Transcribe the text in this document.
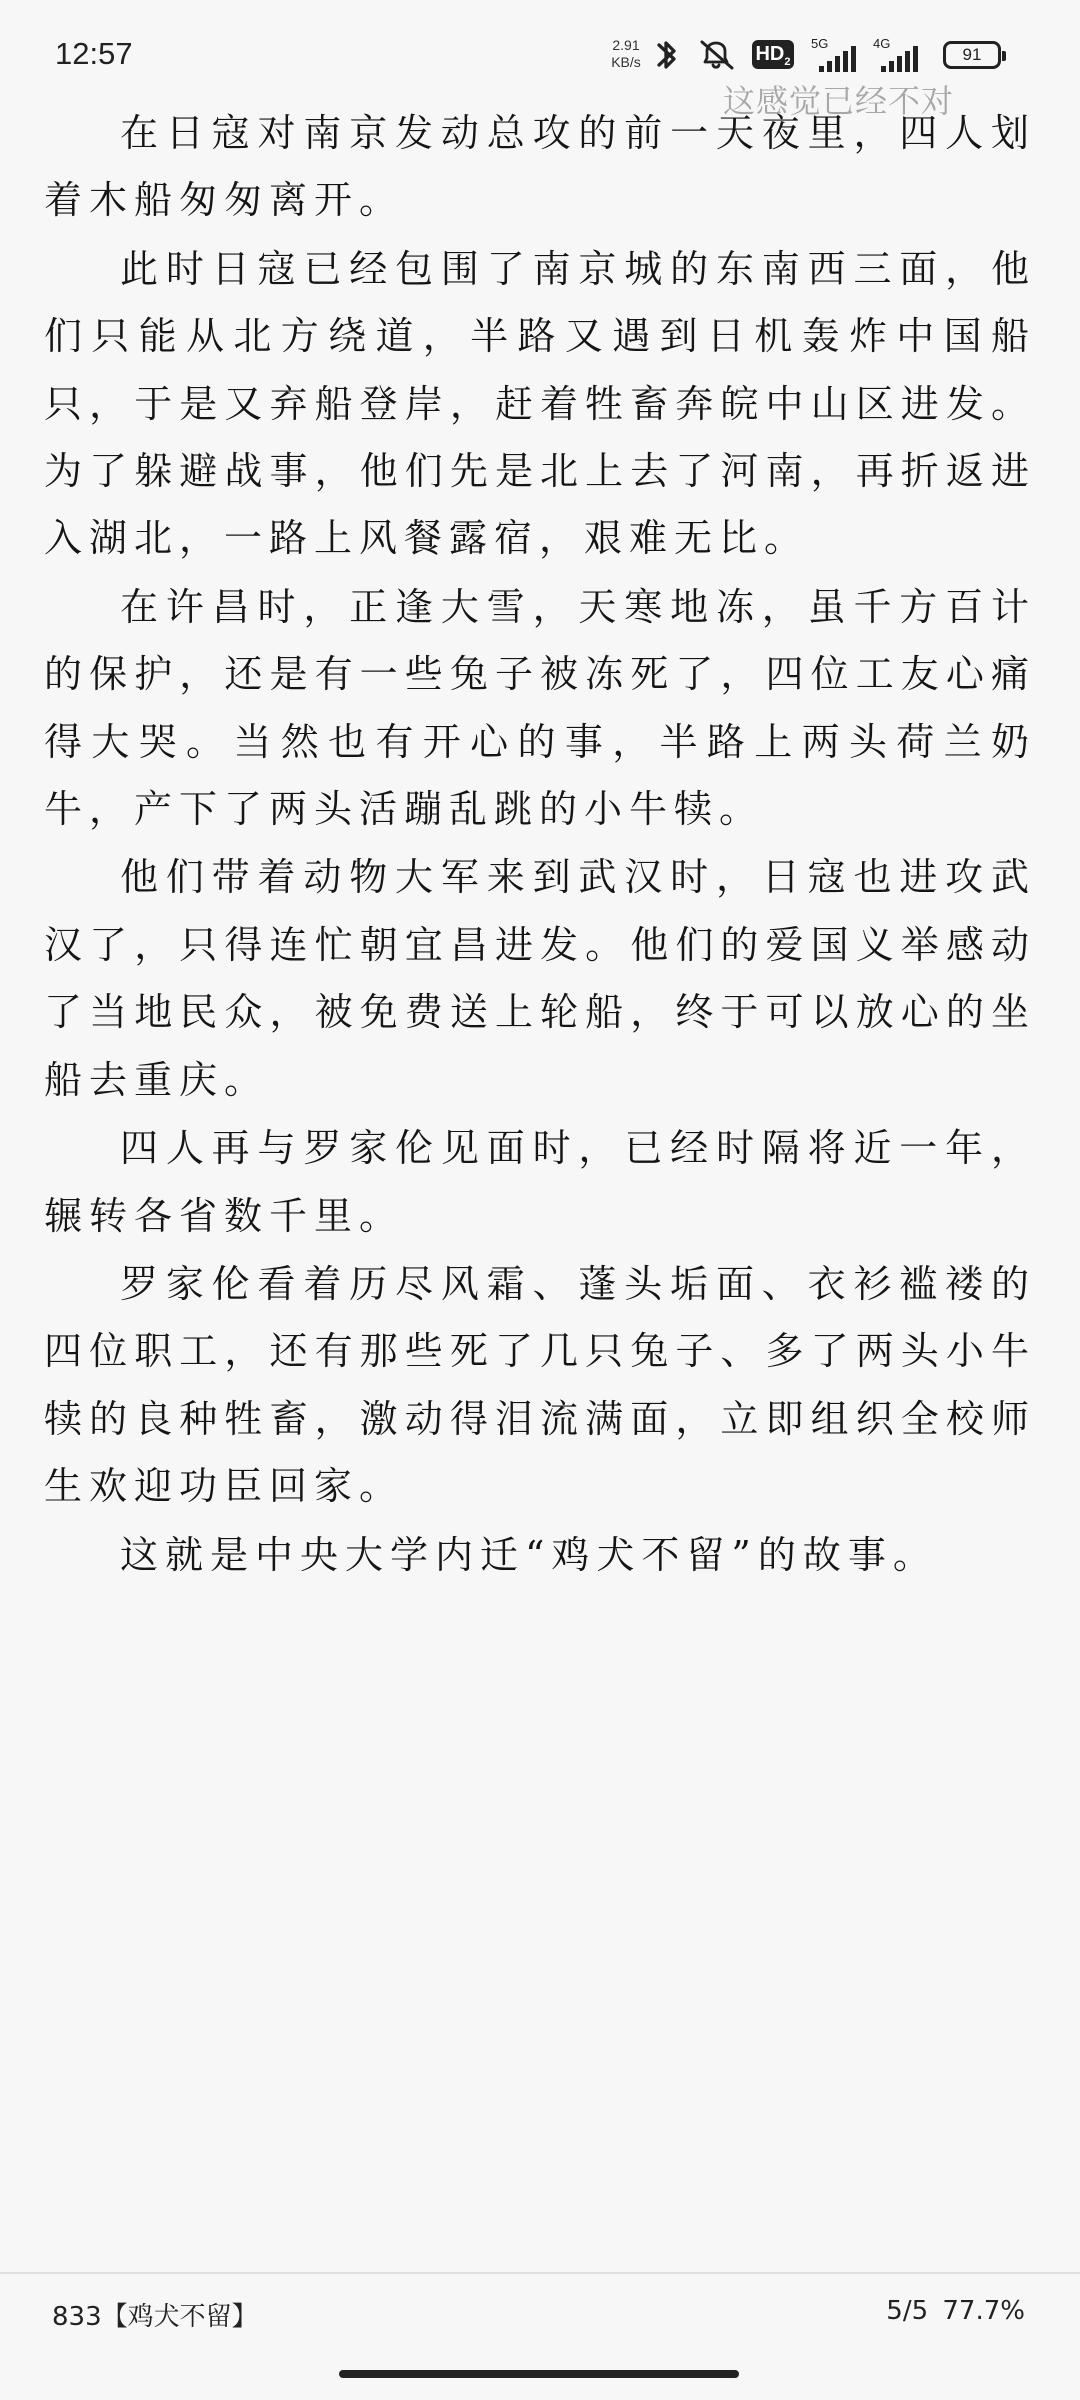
12:57	2.91
KB/s	$HD_2$
5G	4G
91
这感觉已经不对

在日寇对南京发动总攻的前一天夜里，四人划着木船匆匆离开。

此时日寇已经包围了南京城的东南西三面，他们只能从北方绕道，半路又遇到日机轰炸中国船只，于是又弃船登岸，赶着牲畜奔皖中山区进发。为了躲避战事，他们先是北上去了河南，再折返进入湖北，一路上风餐露宿，艰难无比。

在许昌时，正逢大雪，天寒地冻，虽千方百计的保护，还是有一些兔子被冻死了，四位工友心痛得大哭。当然也有开心的事，半路上两头荷兰奶牛，产下了两头活蹦乱跳的小牛犊。

他们带着动物大军来到武汉时，日寇也进攻武汉了，只得连忙朝宜昌进发。他们的爱国义举感动了当地民众，被免费送上轮船，终于可以放心的坐船去重庆。

四人再与罗家伦见面时，已经时隔将近一年，辗转各省数千里。

罗家伦看着历尽风霜、蓬头垢面、衣衫褴褛的四位职工，还有那些死了几只兔子、多了两头小牛犊的良种牲畜，激动得泪流满面，立即组织全校师生欢迎功臣回家。

这就是中央大学内迁“鸡犬不留”的故事。

833【鸡犬不留】	5/5 77.7%
